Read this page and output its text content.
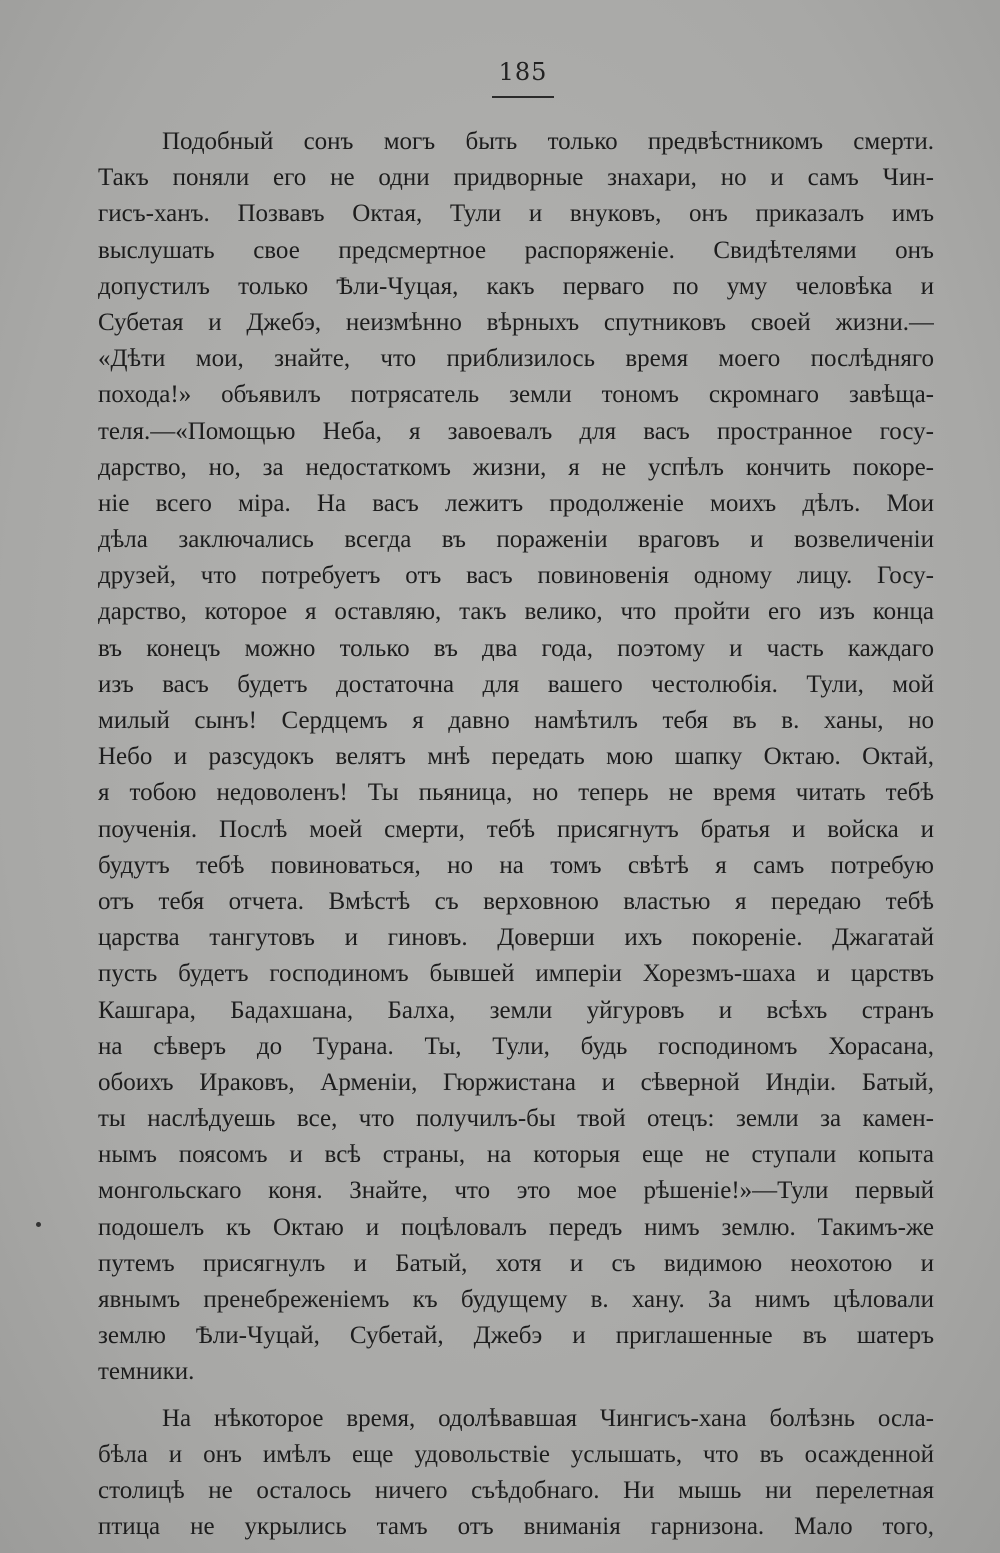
185
Подобный сонъ могъ быть только предвѣстникомъ смерти.
Такъ поняли его не одни придворные знахари, но и самъ Чин-
гисъ-ханъ. Позвавъ Октая, Тули и внуковъ, онъ приказалъ имъ
выслушать свое предсмертное распоряженіе. Свидѣтелями онъ
допустилъ только Ѣли-Чуцая, какъ перваго по уму человѣка и
Субетая и Джебэ, неизмѣнно вѣрныхъ спутниковъ своей жизни.—
«Дѣти мои, знайте, что приблизилось время моего послѣдняго
похода!» объявилъ потрясатель земли тономъ скромнаго завѣща-
теля.—«Помощью Неба, я завоевалъ для васъ пространное госу-
дарство, но, за недостаткомъ жизни, я не успѣлъ кончить покоре-
ніе всего міра. На васъ лежитъ продолженіе моихъ дѣлъ. Мои
дѣла заключались всегда въ пораженіи враговъ и возвеличеніи
друзей, что потребуетъ отъ васъ повиновенія одному лицу. Госу-
дарство, которое я оставляю, такъ велико, что пройти его изъ конца
въ конецъ можно только въ два года, поэтому и часть каждаго
изъ васъ будетъ достаточна для вашего честолюбія. Тули, мой
милый сынъ! Сердцемъ я давно намѣтилъ тебя въ в. ханы, но
Небо и разсудокъ велятъ мнѣ передать мою шапку Октаю. Октай,
я тобою недоволенъ! Ты пьяница, но теперь не время читать тебѣ
поученія. Послѣ моей смерти, тебѣ присягнутъ братья и войска и
будутъ тебѣ повиноваться, но на томъ свѣтѣ я самъ потребую
отъ тебя отчета. Вмѣстѣ съ верховною властью я передаю тебѣ
царства тангутовъ и гиновъ. Доверши ихъ покореніе. Джагатай
пусть будетъ господиномъ бывшей имперіи Хорезмъ-шаха и царствъ
Кашгара, Бадахшана, Балха, земли уйгуровъ и всѣхъ странъ
на сѣверъ до Турана. Ты, Тули, будь господиномъ Хорасана,
обоихъ Ираковъ, Арменіи, Гюржистана и сѣверной Индіи. Батый,
ты наслѣдуешь все, что получилъ-бы твой отецъ: земли за камен-
нымъ поясомъ и всѣ страны, на которыя еще не ступали копыта
монгольскаго коня. Знайте, что это мое рѣшеніе!»—Тули первый
подошелъ къ Октаю и поцѣловалъ передъ нимъ землю. Такимъ-же
путемъ присягнулъ и Батый, хотя и съ видимою неохотою и
явнымъ пренебреженіемъ къ будущему в. хану. За нимъ цѣловали
землю Ѣли-Чуцай, Субетай, Джебэ и приглашенные въ шатеръ
темники.
На нѣкоторое время, одолѣвавшая Чингисъ-хана болѣзнь осла-
бѣла и онъ имѣлъ еще удовольствіе услышать, что въ осажденной
столицѣ не осталось ничего съѣдобнаго. Ни мышь ни перелетная
птица не укрылись тамъ отъ вниманія гарнизона. Мало того,
